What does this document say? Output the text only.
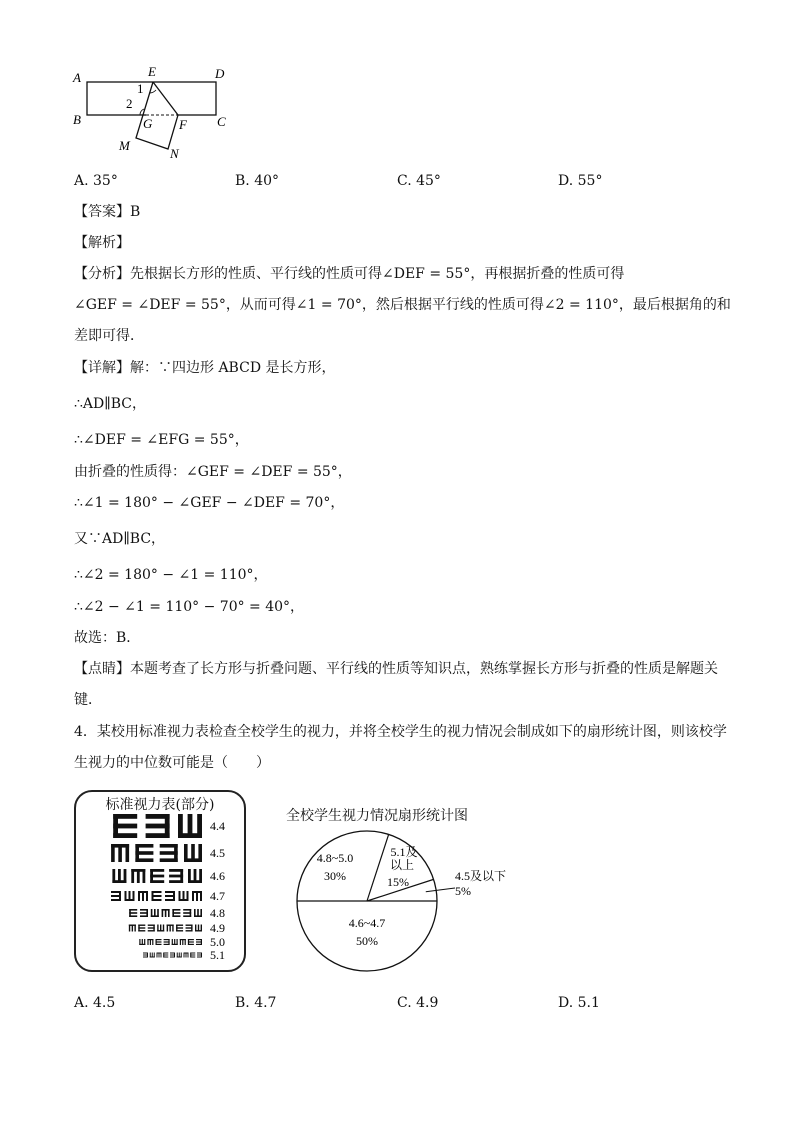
A	E	D
B	C
G F
M
N
1
2
A. 35°	B. 40°	C. 45°	D. 55°
【答案】B
【解析】
【分析】先根据长方形的性质、平行线的性质可得∠DEF = 55°，再根据折叠的性质可得
∠GEF = ∠DEF = 55°，从而可得∠1 = 70°，然后根据平行线的性质可得∠2 = 110°，最后根据角的和
差即可得．
【详解】解：∵四边形 ABCD 是长方形，
∴AD∥BC，
∴∠DEF = ∠EFG = 55°，
由折叠的性质得：∠GEF = ∠DEF = 55°，
∴∠1 = 180° − ∠GEF − ∠DEF = 70°，
又∵AD∥BC，
∴∠2 = 180° − ∠1 = 110°，
∴∠2 − ∠1 = 110° − 70° = 40°，
故选：B．
【点睛】本题考查了长方形与折叠问题、平行线的性质等知识点，熟练掌握长方形与折叠的性质是解题关
键．
4．某校用标准视力表检查全校学生的视力，并将全校学生的视力情况会制成如下的扇形统计图，则该校学
生视力的中位数可能是（　　）
标准视力表(部分)
4.4
4.5
4.6
4.7
4.8
4.9
5.0
5.1
全校学生视力情况扇形统计图
4.8~5.0
30%
5.1及
以上
15%
4.6~4.7
50%
4.5及以下
5%
A. 4.5	B. 4.7	C. 4.9	D. 5.1
